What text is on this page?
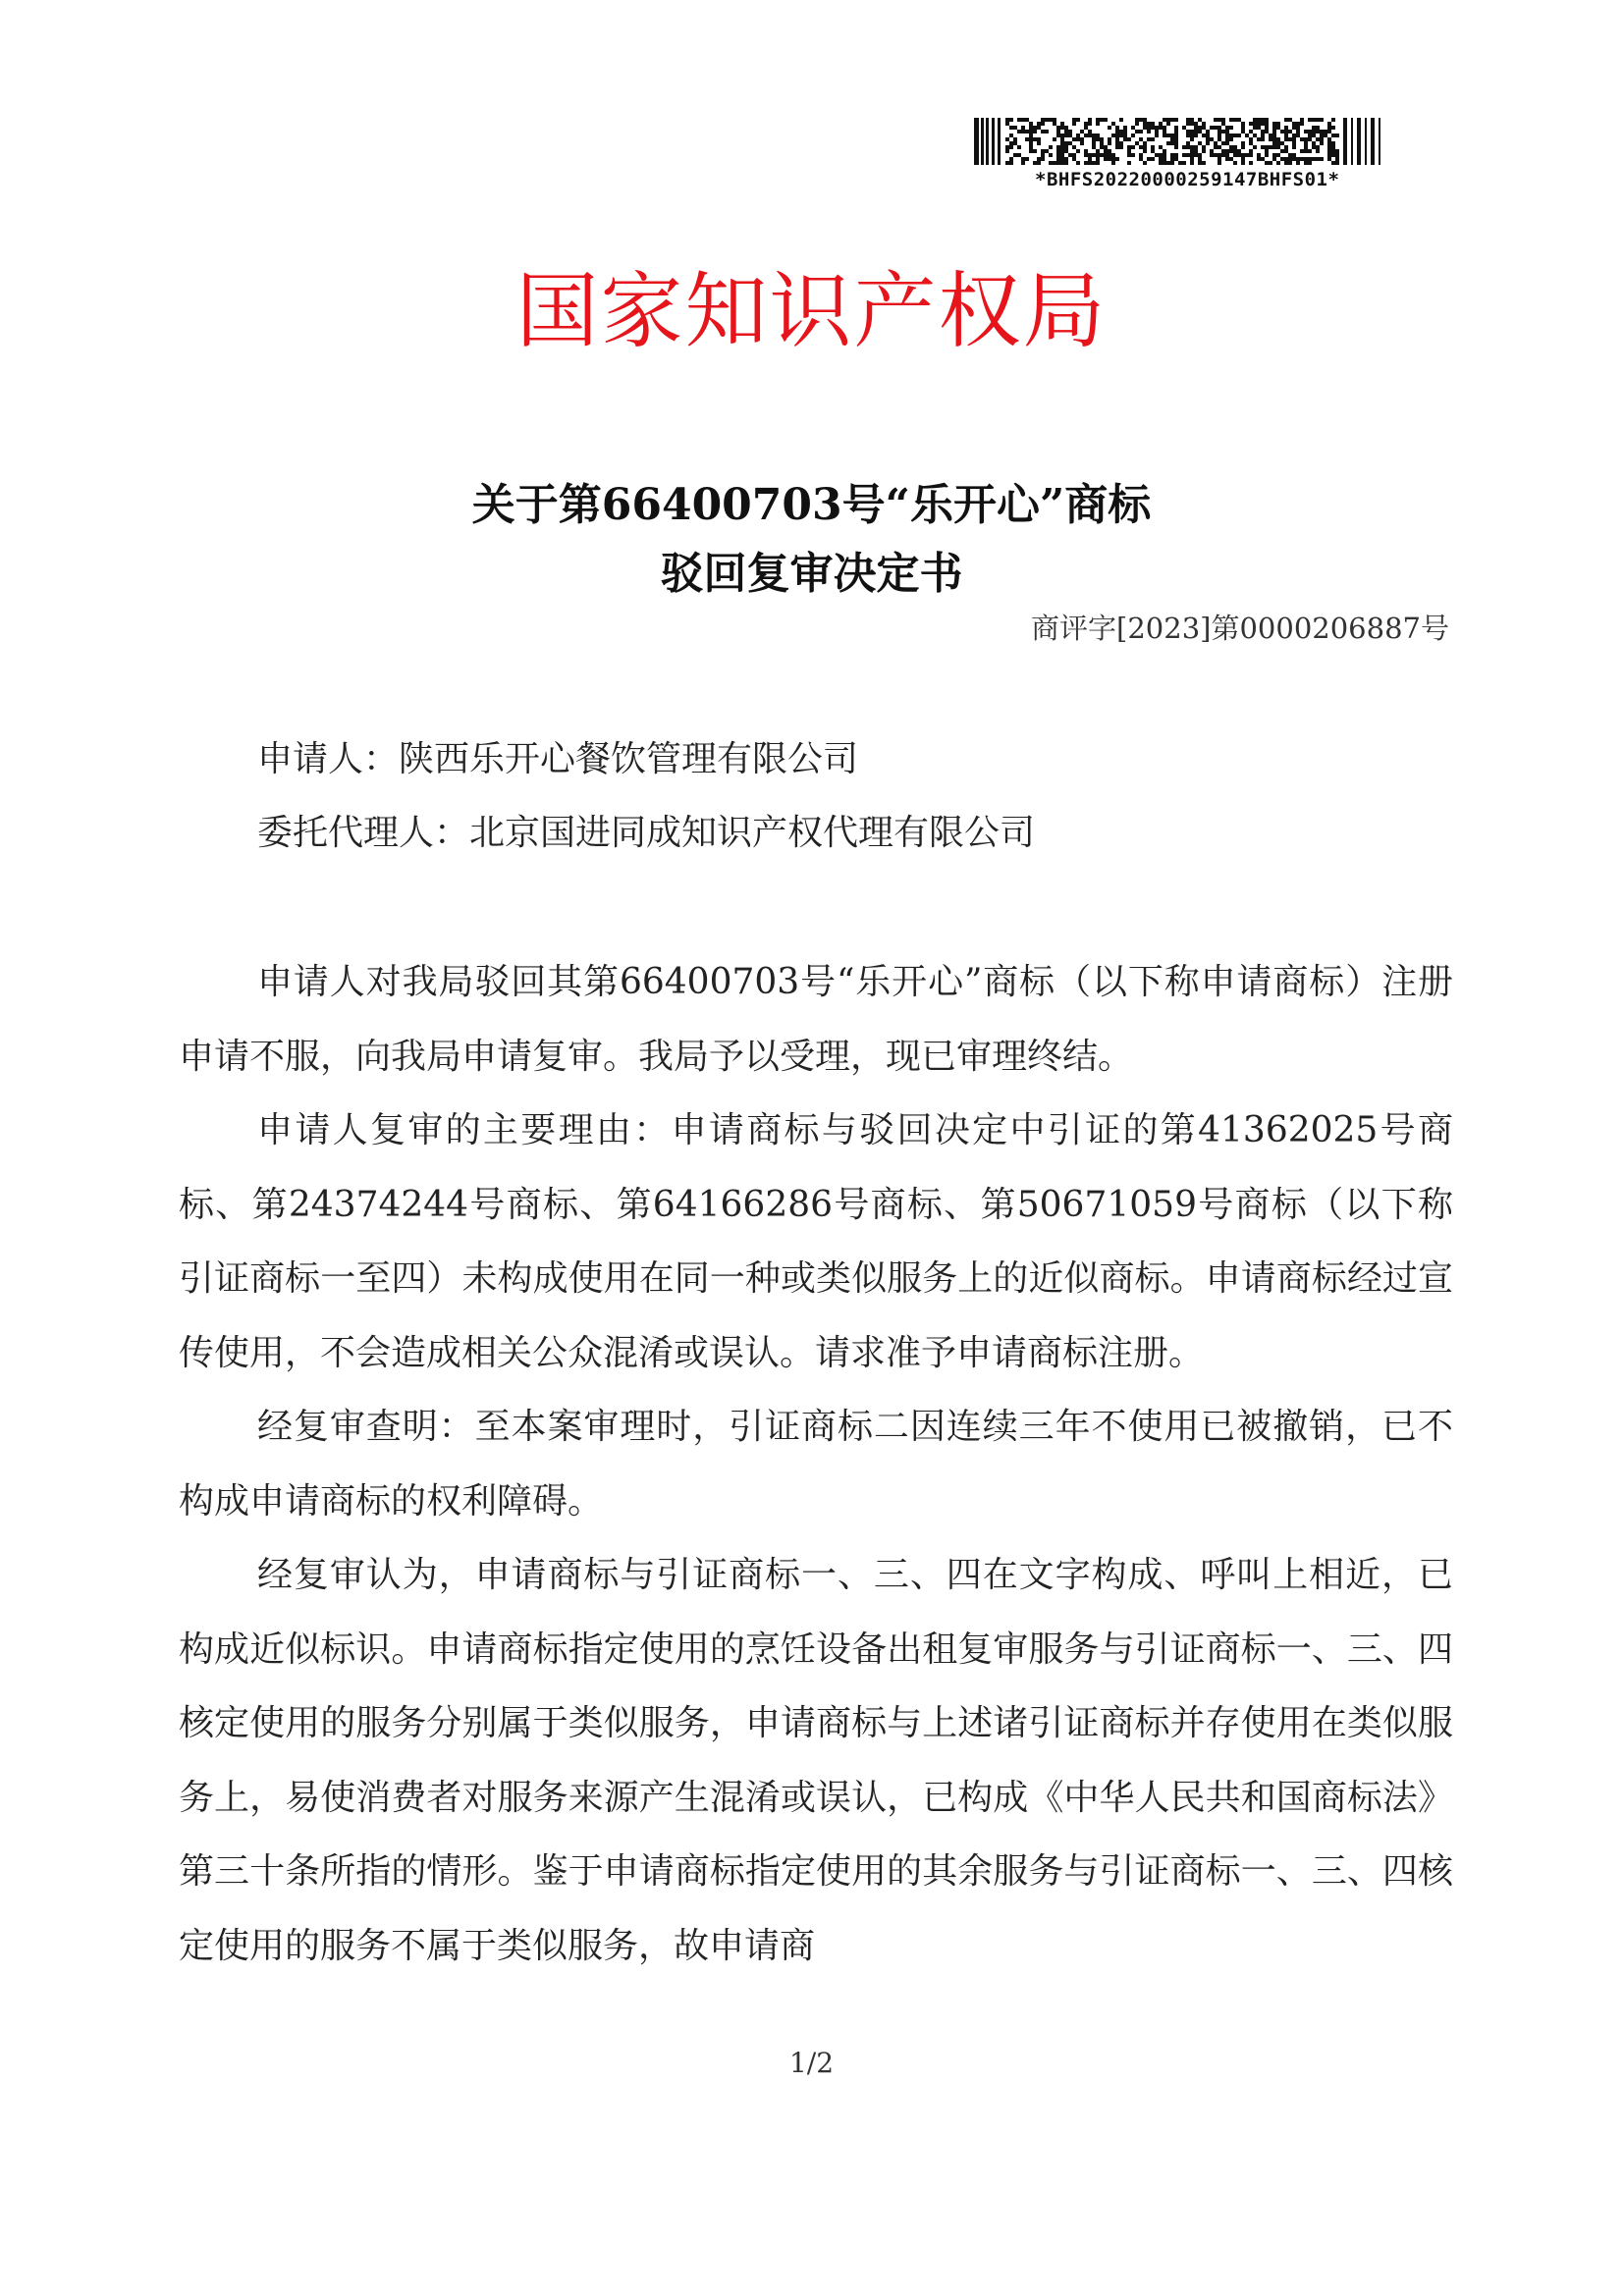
*BHFS20220000259147BHFS01*
国家知识产权局
关于第66400703号“乐开心”商标
驳回复审决定书
商评字[2023]第0000206887号
申请人：陕西乐开心餐饮管理有限公司
委托代理人：北京国进同成知识产权代理有限公司

申请人对我局驳回其第66400703号“乐开心”商标（以下称申请商标）注册申请不服，向我局申请复审。我局予以受理，现已审理终结。

申请人复审的主要理由：申请商标与驳回决定中引证的第41362025号商标、第24374244号商标、第64166286号商标、第50671059号商标（以下称引证商标一至四）未构成使用在同一种或类似服务上的近似商标。申请商标经过宣传使用，不会造成相关公众混淆或误认。请求准予申请商标注册。

经复审查明：至本案审理时，引证商标二因连续三年不使用已被撤销，已不构成申请商标的权利障碍。

经复审认为，申请商标与引证商标一、三、四在文字构成、呼叫上相近，已构成近似标识。申请商标指定使用的烹饪设备出租复审服务与引证商标一、三、四核定使用的服务分别属于类似服务，申请商标与上述诸引证商标并存使用在类似服务上，易使消费者对服务来源产生混淆或误认，已构成《中华人民共和国商标法》第三十条所指的情形。鉴于申请商标指定使用的其余服务与引证商标一、三、四核定使用的服务不属于类似服务，故申请商

1/2
